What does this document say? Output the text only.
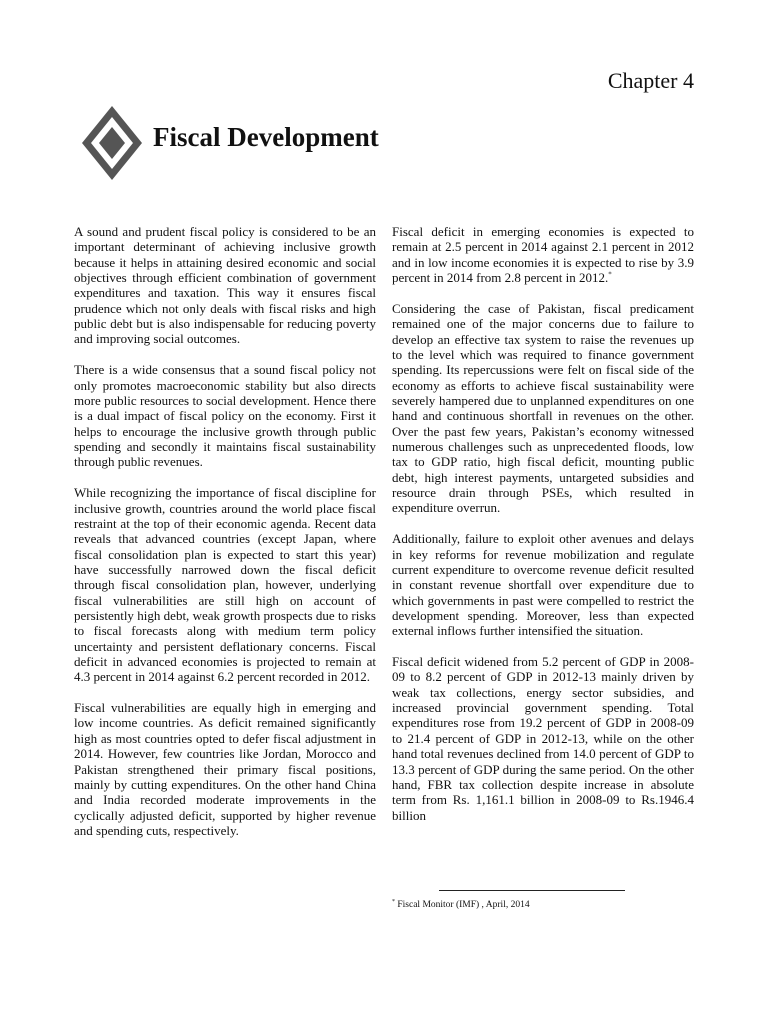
Chapter 4
Fiscal Development

A sound and prudent fiscal policy is considered to be an important determinant of achieving inclusive growth because it helps in attaining desired economic and social objectives through efficient combination of government expenditures and taxation. This way it ensures fiscal prudence which not only deals with fiscal risks and high public debt but is also indispensable for reducing poverty and improving social outcomes.

There is a wide consensus that a sound fiscal policy not only promotes macroeconomic stability but also directs more public resources to social development. Hence there is a dual impact of fiscal policy on the economy. First it helps to encourage the inclusive growth through public spending and secondly it maintains fiscal sustainability through public revenues.

While recognizing the importance of fiscal discipline for inclusive growth, countries around the world place fiscal restraint at the top of their economic agenda. Recent data reveals that advanced countries (except Japan, where fiscal consolidation plan is expected to start this year) have successfully narrowed down the fiscal deficit through fiscal consolidation plan, however, underlying fiscal vulnerabilities are still high on account of persistently high debt, weak growth prospects due to risks to fiscal forecasts along with medium term policy uncertainty and persistent deflationary concerns. Fiscal deficit in advanced economies is projected to remain at 4.3 percent in 2014 against 6.2 percent recorded in 2012.

Fiscal vulnerabilities are equally high in emerging and low income countries. As deficit remained significantly high as most countries opted to defer fiscal adjustment in 2014. However, few countries like Jordan, Morocco and Pakistan strengthened their primary fiscal positions, mainly by cutting expenditures. On the other hand China and India recorded moderate improvements in the cyclically adjusted deficit, supported by higher revenue and spending cuts, respectively.

Fiscal deficit in emerging economies is expected to remain at 2.5 percent in 2014 against 2.1 percent in 2012 and in low income economies it is expected to rise by 3.9 percent in 2014 from 2.8 percent in 2012.*

Considering the case of Pakistan, fiscal predicament remained one of the major concerns due to failure to develop an effective tax system to raise the revenues up to the level which was required to finance government spending. Its repercussions were felt on fiscal side of the economy as efforts to achieve fiscal sustainability were severely hampered due to unplanned expenditures on one hand and continuous shortfall in revenues on the other. Over the past few years, Pakistan’s economy witnessed numerous challenges such as unprecedented floods, low tax to GDP ratio, high fiscal deficit, mounting public debt, high interest payments, untargeted subsidies and resource drain through PSEs, which resulted in expenditure overrun.

Additionally, failure to exploit other avenues and delays in key reforms for revenue mobilization and regulate current expenditure to overcome revenue deficit resulted in constant revenue shortfall over expenditure due to which governments in past were compelled to restrict the development spending. Moreover, less than expected external inflows further intensified the situation.

Fiscal deficit widened from 5.2 percent of GDP in 2008-09 to 8.2 percent of GDP in 2012-13 mainly driven by weak tax collections, energy sector subsidies, and increased provincial government spending. Total expenditures rose from 19.2 percent of GDP in 2008-09 to 21.4 percent of GDP in 2012-13, while on the other hand total revenues declined from 14.0 percent of GDP to 13.3 percent of GDP during the same period. On the other hand, FBR tax collection despite increase in absolute term from Rs. 1,161.1 billion in 2008-09 to Rs.1946.4 billion

* Fiscal Monitor (IMF) , April, 2014
